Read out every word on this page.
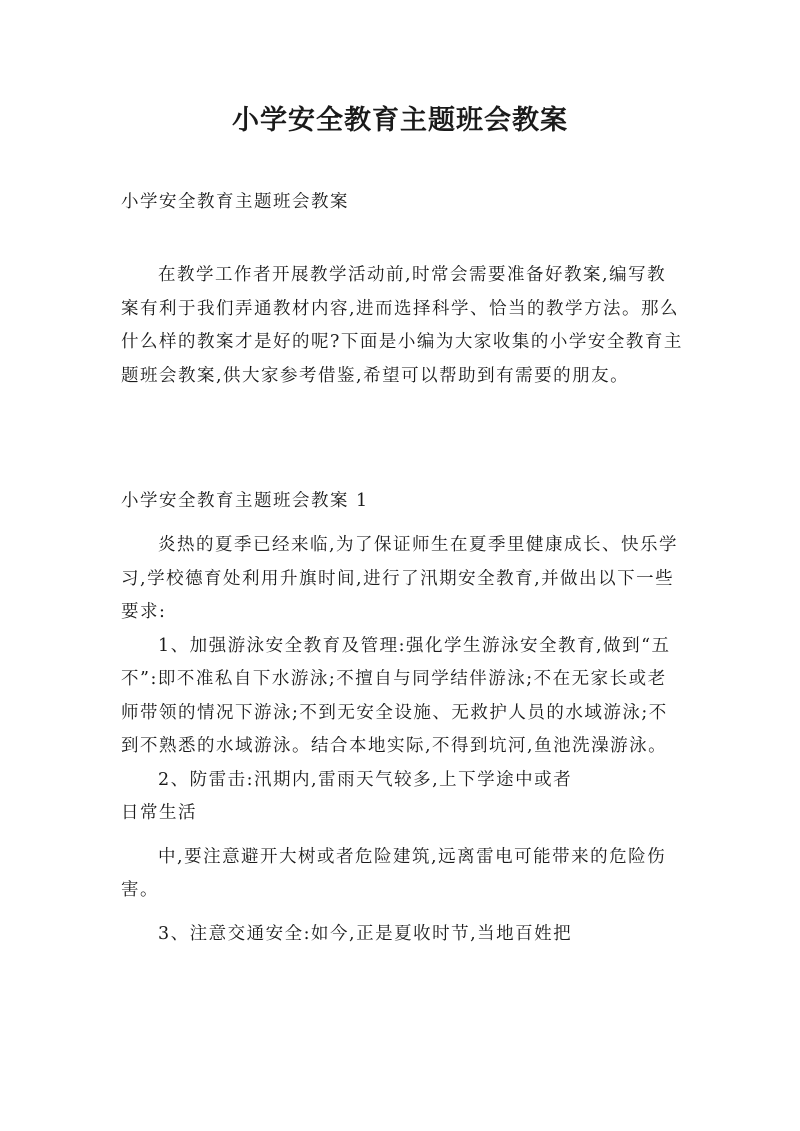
小学安全教育主题班会教案

小学安全教育主题班会教案

在教学工作者开展教学活动前,时常会需要准备好教案,编写教案有利于我们弄通教材内容,进而选择科学、恰当的教学方法。那么什么样的教案才是好的呢?下面是小编为大家收集的小学安全教育主题班会教案,供大家参考借鉴,希望可以帮助到有需要的朋友。

小学安全教育主题班会教案 1

炎热的夏季已经来临,为了保证师生在夏季里健康成长、快乐学习,学校德育处利用升旗时间,进行了汛期安全教育,并做出以下一些要求:

1、加强游泳安全教育及管理:强化学生游泳安全教育,做到“五不”:即不准私自下水游泳;不擅自与同学结伴游泳;不在无家长或老师带领的情况下游泳;不到无安全设施、无救护人员的水域游泳;不到不熟悉的水域游泳。结合本地实际,不得到坑河,鱼池洗澡游泳。

2、防雷击:汛期内,雷雨天气较多,上下学途中或者

日常生活

中,要注意避开大树或者危险建筑,远离雷电可能带来的危险伤害。

3、注意交通安全:如今,正是夏收时节,当地百姓把
